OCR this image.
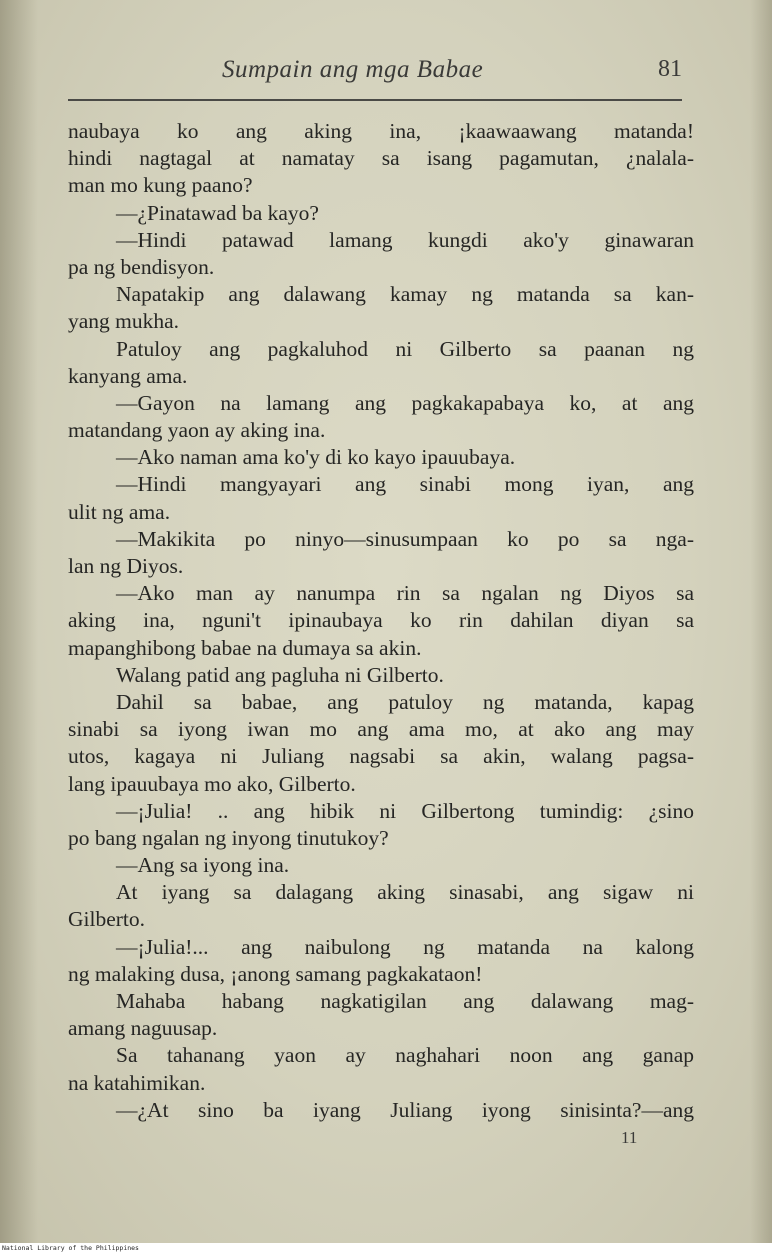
Sumpain ang mga Babae	81
naubaya ko ang aking ina, ¡kaawaawang matanda!
hindi nagtagal at namatay sa isang pagamutan, ¿nalala-
man mo kung paano?
—¿Pinatawad ba kayo?
—Hindi patawad lamang kungdi ako'y ginawaran
pa ng bendisyon.
Napatakip ang dalawang kamay ng matanda sa kan-
yang mukha.
Patuloy ang pagkaluhod ni Gilberto sa paanan ng
kanyang ama.
—Gayon na lamang ang pagkakapabaya ko, at ang
matandang yaon ay aking ina.
—Ako naman ama ko'y di ko kayo ipauubaya.
—Hindi mangyayari ang sinabi mong iyan, ang
ulit ng ama.
—Makikita po ninyo—sinusumpaan ko po sa nga-
lan ng Diyos.
—Ako man ay nanumpa rin sa ngalan ng Diyos sa
aking ina, nguni't ipinaubaya ko rin dahilan diyan sa
mapanghibong babae na dumaya sa akin.
Walang patid ang pagluha ni Gilberto.
Dahil sa babae, ang patuloy ng matanda, kapag
sinabi sa iyong iwan mo ang ama mo, at ako ang may
utos, kagaya ni Juliang nagsabi sa akin, walang pagsa-
lang ipauubaya mo ako, Gilberto.
—¡Julia! .. ang hibik ni Gilbertong tumindig: ¿sino
po bang ngalan ng inyong tinutukoy?
—Ang sa iyong ina.
At iyang sa dalagang aking sinasabi, ang sigaw ni
Gilberto.
—¡Julia!... ang naibulong ng matanda na kalong
ng malaking dusa, ¡anong samang pagkakataon!
Mahaba habang nagkatigilan ang dalawang mag-
amang naguusap.
Sa tahanang yaon ay naghahari noon ang ganap
na katahimikan.
—¿At sino ba iyang Juliang iyong sinisinta?—ang
11
National Library of the Philippines
